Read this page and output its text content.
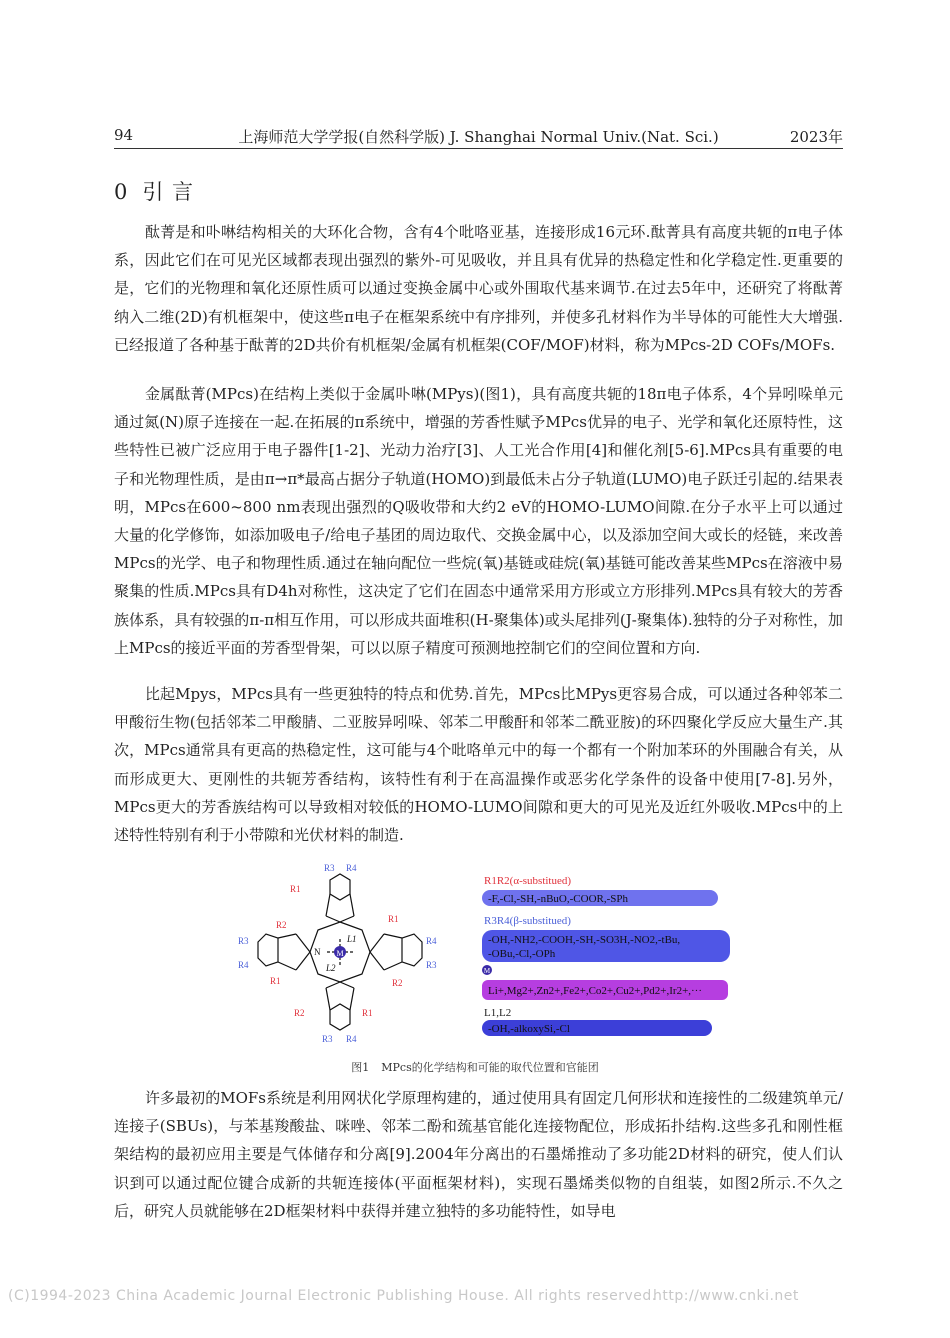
94	上海师范大学学报(自然科学版) J. Shanghai Normal Univ.(Nat. Sci.)	2023年
0 引 言

酞菁是和卟啉结构相关的大环化合物，含有4个吡咯亚基，连接形成16元环.酞菁具有高度共轭的π电子体系，因此它们在可见光区域都表现出强烈的紫外-可见吸收，并且具有优异的热稳定性和化学稳定性.更重要的是，它们的光物理和氧化还原性质可以通过变换金属中心或外围取代基来调节.在过去5年中，还研究了将酞菁纳入二维(2D)有机框架中，使这些π电子在框架系统中有序排列，并使多孔材料作为半导体的可能性大大增强.已经报道了各种基于酞菁的2D共价有机框架/金属有机框架(COF/MOF)材料，称为MPcs-2D COFs/MOFs.

金属酞菁(MPcs)在结构上类似于金属卟啉(MPys)(图1)，具有高度共轭的18π电子体系，4个异吲哚单元通过氮(N)原子连接在一起.在拓展的π系统中，增强的芳香性赋予MPcs优异的电子、光学和氧化还原特性，这些特性已被广泛应用于电子器件[1-2]、光动力治疗[3]、人工光合作用[4]和催化剂[5-6].MPcs具有重要的电子和光物理性质，是由π→π*最高占据分子轨道(HOMO)到最低未占分子轨道(LUMO)电子跃迁引起的.结果表明，MPcs在600~800 nm表现出强烈的Q吸收带和大约2 eV的HOMO-LUMO间隙.在分子水平上可以通过大量的化学修饰，如添加吸电子/给电子基团的周边取代、交换金属中心，以及添加空间大或长的烃链，来改善MPcs的光学、电子和物理性质.通过在轴向配位一些烷(氧)基链或硅烷(氧)基链可能改善某些MPcs在溶液中易聚集的性质.MPcs具有D4h对称性，这决定了它们在固态中通常采用方形或立方形排列.MPcs具有较大的芳香族体系，具有较强的π-π相互作用，可以形成共面堆积(H-聚集体)或头尾排列(J-聚集体).独特的分子对称性，加上MPcs的接近平面的芳香型骨架，可以以原子精度可预测地控制它们的空间位置和方向.

比起Mpys，MPcs具有一些更独特的特点和优势.首先，MPcs比MPys更容易合成，可以通过各种邻苯二甲酸衍生物(包括邻苯二甲酸腈、二亚胺异吲哚、邻苯二甲酸酐和邻苯二酰亚胺)的环四聚化学反应大量生产.其次，MPcs通常具有更高的热稳定性，这可能与4个吡咯单元中的每一个都有一个附加苯环的外围融合有关，从而形成更大、更刚性的共轭芳香结构，该特性有利于在高温操作或恶劣化学条件的设备中使用[7-8].另外，MPcs更大的芳香族结构可以导致相对较低的HOMO-LUMO间隙和更大的可见光及近红外吸收.MPcs中的上述特性特别有利于小带隙和光伏材料的制造.

M
L1
L2
N
R3 R4
R1
R2
R3
R4
R1
R1
R4
R3
R2
R2	R1
R3 R4
R1R2(α-substitued)
-F,-Cl,-SH,-nBuO,-COOR,-SPh
R3R4(β-substitued)
-OH,-NH2,-COOH,-SH,-SO3H,-NO2,-tBu,
-OBu,-Cl,-OPh
M
Li+,Mg2+,Zn2+,Fe2+,Co2+,Cu2+,Pd2+,Ir2+,···
L1,L2
-OH,-alkoxySi,-Cl
图1 MPcs的化学结构和可能的取代位置和官能团

许多最初的MOFs系统是利用网状化学原理构建的，通过使用具有固定几何形状和连接性的二级建筑单元/连接子(SBUs)，与苯基羧酸盐、咪唑、邻苯二酚和巯基官能化连接物配位，形成拓扑结构.这些多孔和刚性框架结构的最初应用主要是气体储存和分离[9].2004年分离出的石墨烯推动了多功能2D材料的研究，使人们认识到可以通过配位键合成新的共轭连接体(平面框架材料)，实现石墨烯类似物的自组装，如图2所示.不久之后，研究人员就能够在2D框架材料中获得并建立独特的多功能特性，如导电

(C)1994-2023 China Academic Journal Electronic Publishing House. All rights reserved.
http://www.cnki.net
